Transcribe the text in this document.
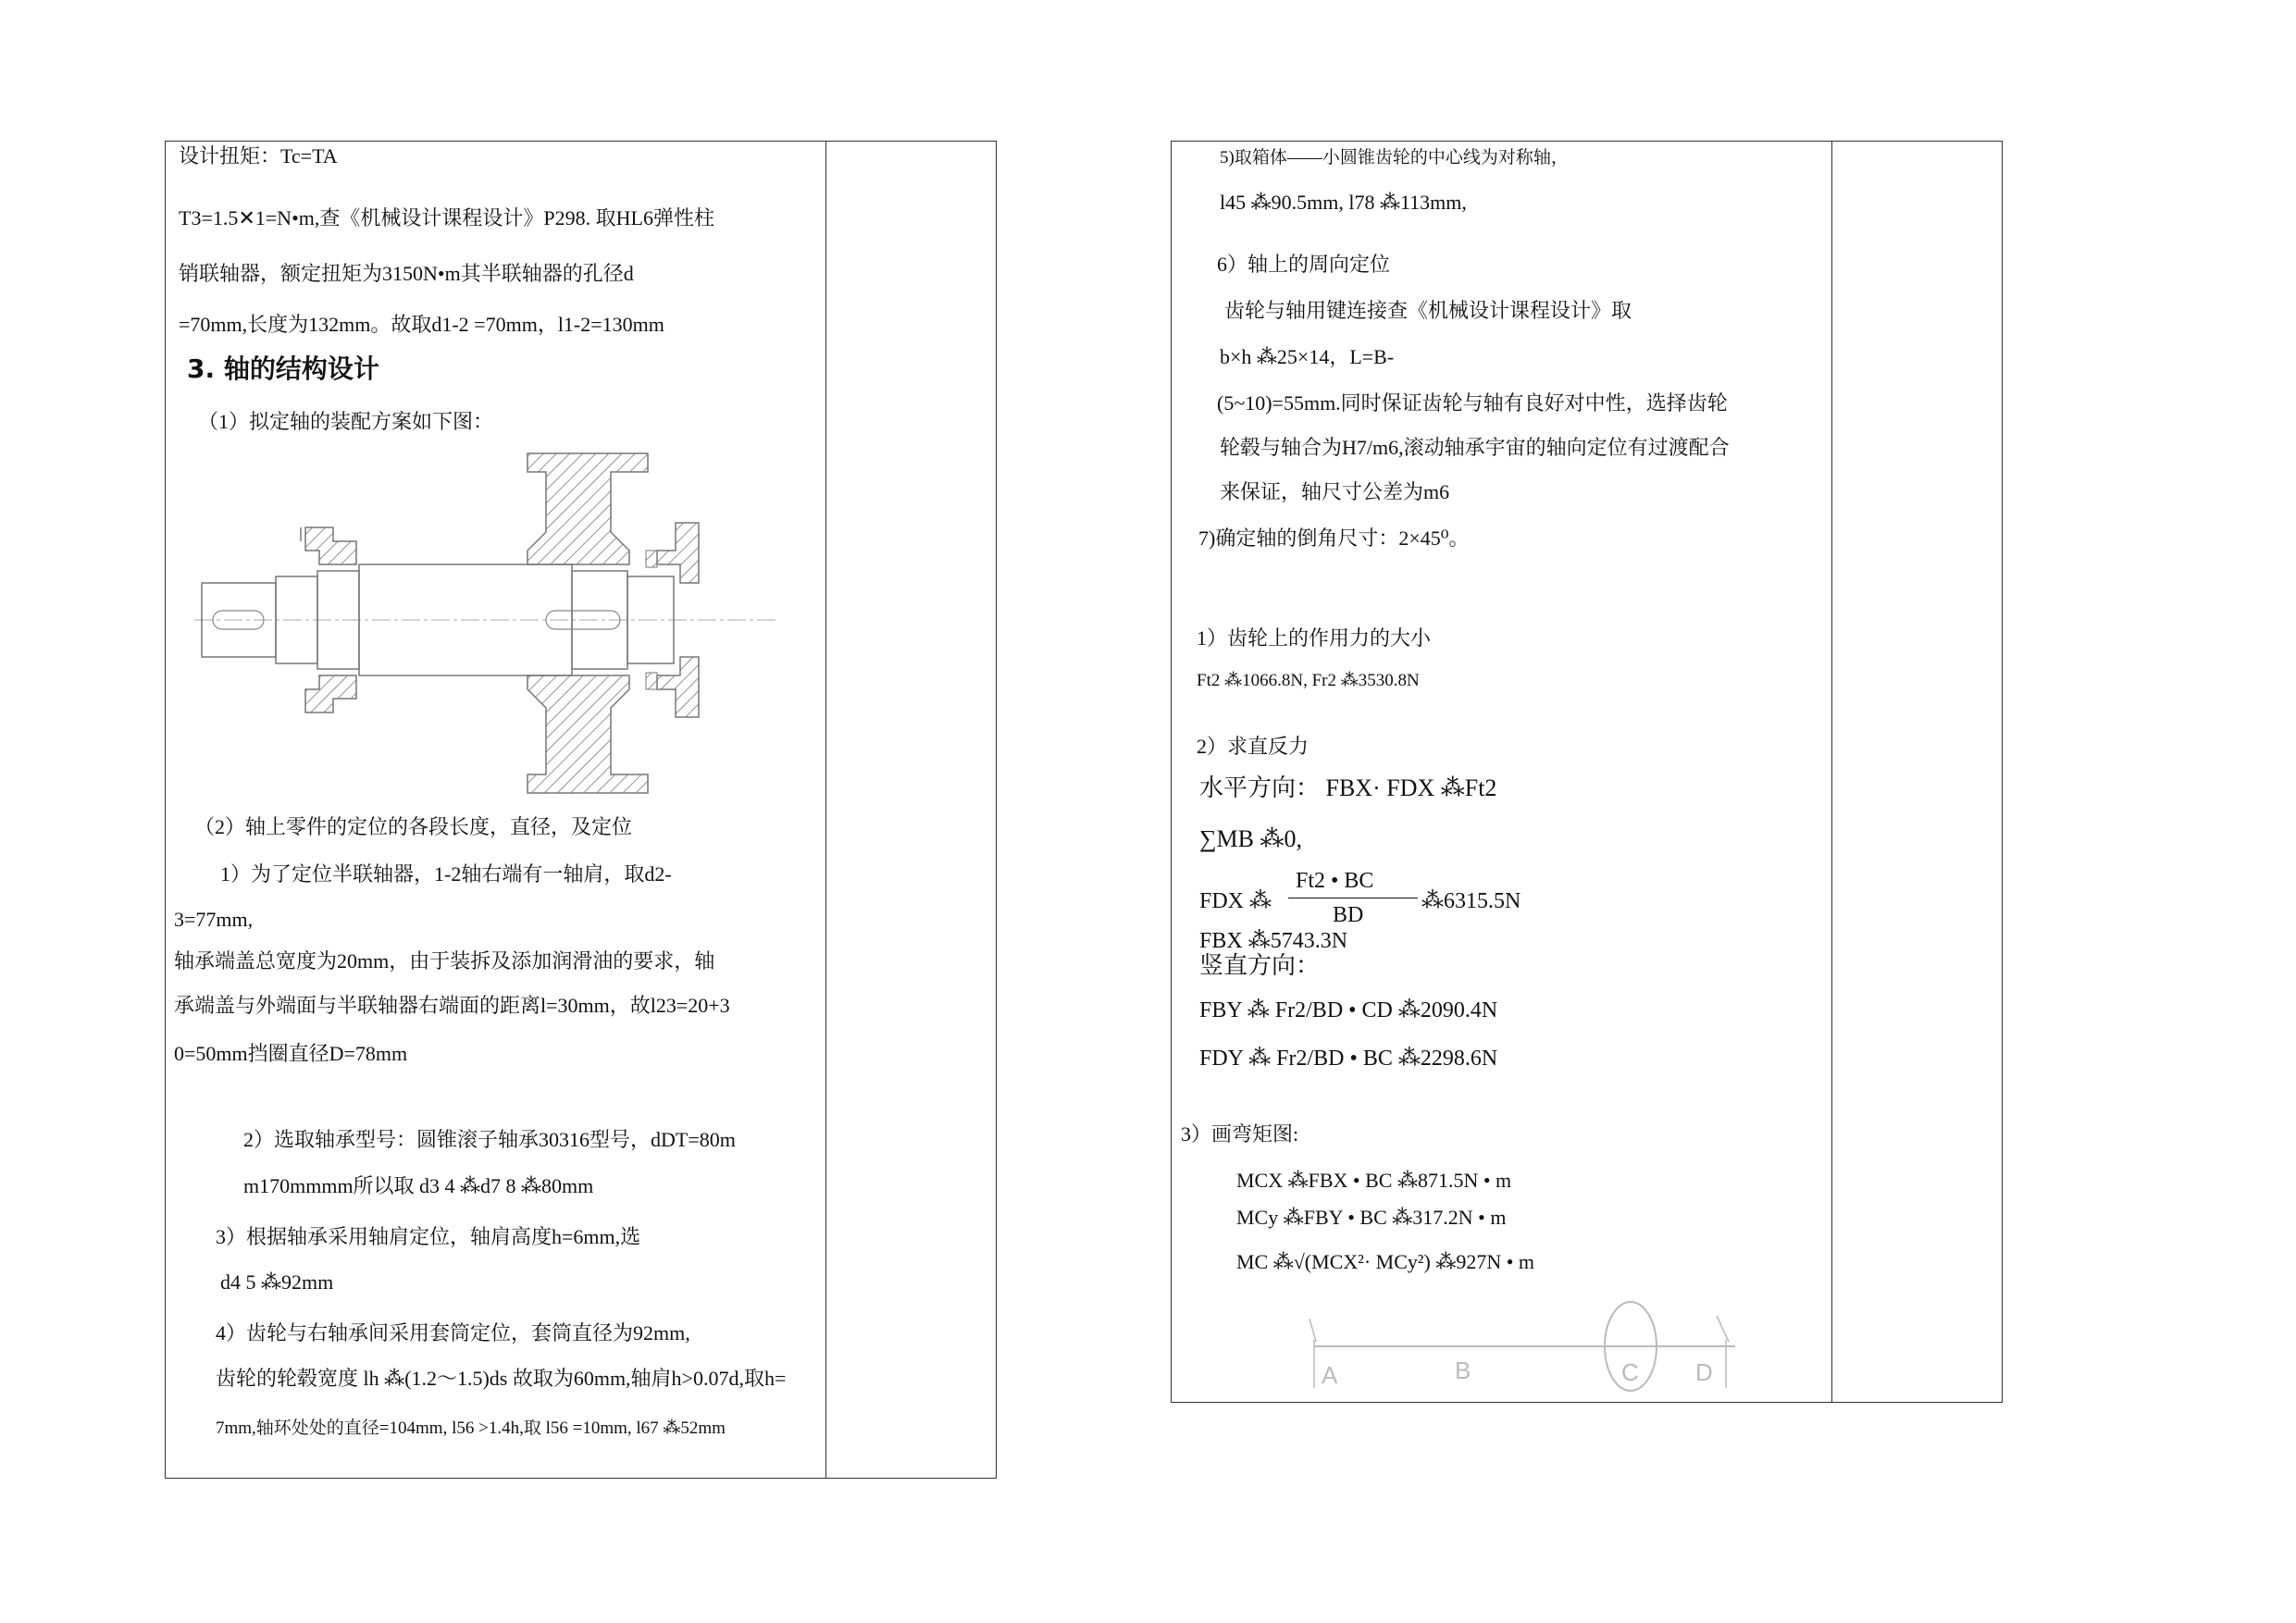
设计扭矩：Tc=TA
T3=1.5✕1=N•m,查《机械设计课程设计》P298. 取HL6弹性柱
销联轴器，额定扭矩为3150N•m其半联轴器的孔径d
=70mm,长度为132mm。故取d1-2 =70mm，l1-2=130mm
3. 轴的结构设计
（1）拟定轴的装配方案如下图：
（2）轴上零件的定位的各段长度，直径，及定位
1）为了定位半联轴器，1-2轴右端有一轴肩，取d2-
3=77mm,
轴承端盖总宽度为20mm，由于装拆及添加润滑油的要求，轴
承端盖与外端面与半联轴器右端面的距离l=30mm，故l23=20+3
0=50mm挡圈直径D=78mm
2）选取轴承型号：圆锥滚子轴承30316型号，dDT=80m
m170mmmm所以取 d3 4 ⁂d7 8 ⁂80mm
3）根据轴承采用轴肩定位，轴肩高度h=6mm,选
d4 5 ⁂92mm
4）齿轮与右轴承间采用套筒定位，套筒直径为92mm,
齿轮的轮毂宽度 lh ⁂(1.2～1.5)ds 故取为60mm,轴肩h>0.07d,取h=
7mm,轴环处处的直径=104mm, l56 >1.4h,取 l56 =10mm, l67 ⁂52mm
5)取箱体——小圆锥齿轮的中心线为对称轴，
l45 ⁂90.5mm, l78 ⁂113mm,
6）轴上的周向定位
齿轮与轴用键连接查《机械设计课程设计》取
b×h ⁂25×14，L=B-
(5~10)=55mm.同时保证齿轮与轴有良好对中性，选择齿轮
轮毂与轴合为H7/m6,滚动轴承宇宙的轴向定位有过渡配合
来保证，轴尺寸公差为m6
7)确定轴的倒角尺寸：2×45⁰。
1）齿轮上的作用力的大小
Ft2 ⁂1066.8N, Fr2 ⁂3530.8N
2）求直反力
水平方向： FBX· FDX ⁂Ft2
∑MB ⁂0,
Ft2 • BC
FDX ⁂	⁂6315.5N
BD
FBX ⁂5743.3N
竖直方向：
FBY ⁂ Fr2/BD • CD ⁂2090.4N
FDY ⁂ Fr2/BD • BC ⁂2298.6N
3）画弯矩图:
MCX ⁂FBX • BC ⁂871.5N • m
MCy ⁂FBY • BC ⁂317.2N • m
MC ⁂√(MCX²· MCy²) ⁂927N • m
A	B	C D
